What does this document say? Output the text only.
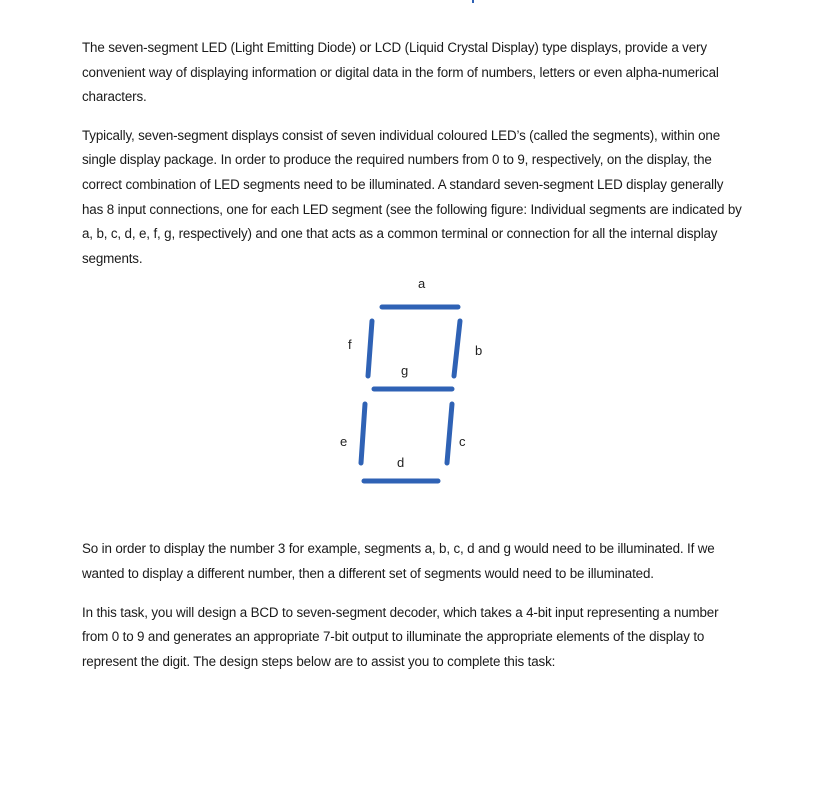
The seven-segment LED (Light Emitting Diode) or LCD (Liquid Crystal Display) type displays, provide a very convenient way of displaying information or digital data in the form of numbers, letters or even alpha-numerical characters.

Typically, seven-segment displays consist of seven individual coloured LED’s (called the segments), within one single display package. In order to produce the required numbers from 0 to 9, respectively, on the display, the correct combination of LED segments need to be illuminated. A standard seven-segment LED display generally has 8 input connections, one for each LED segment (see the following figure: Individual segments are indicated by a, b, c, d, e, f, g, respectively) and one that acts as a common terminal or connection for all the internal display segments.

a
b
f
g
e	c
d

So in order to display the number 3 for example, segments a, b, c, d and g would need to be illuminated. If we wanted to display a different number, then a different set of segments would need to be illuminated.

In this task, you will design a BCD to seven-segment decoder, which takes a 4-bit input representing a number from 0 to 9 and generates an appropriate 7-bit output to illuminate the appropriate elements of the display to represent the digit. The design steps below are to assist you to complete this task:
